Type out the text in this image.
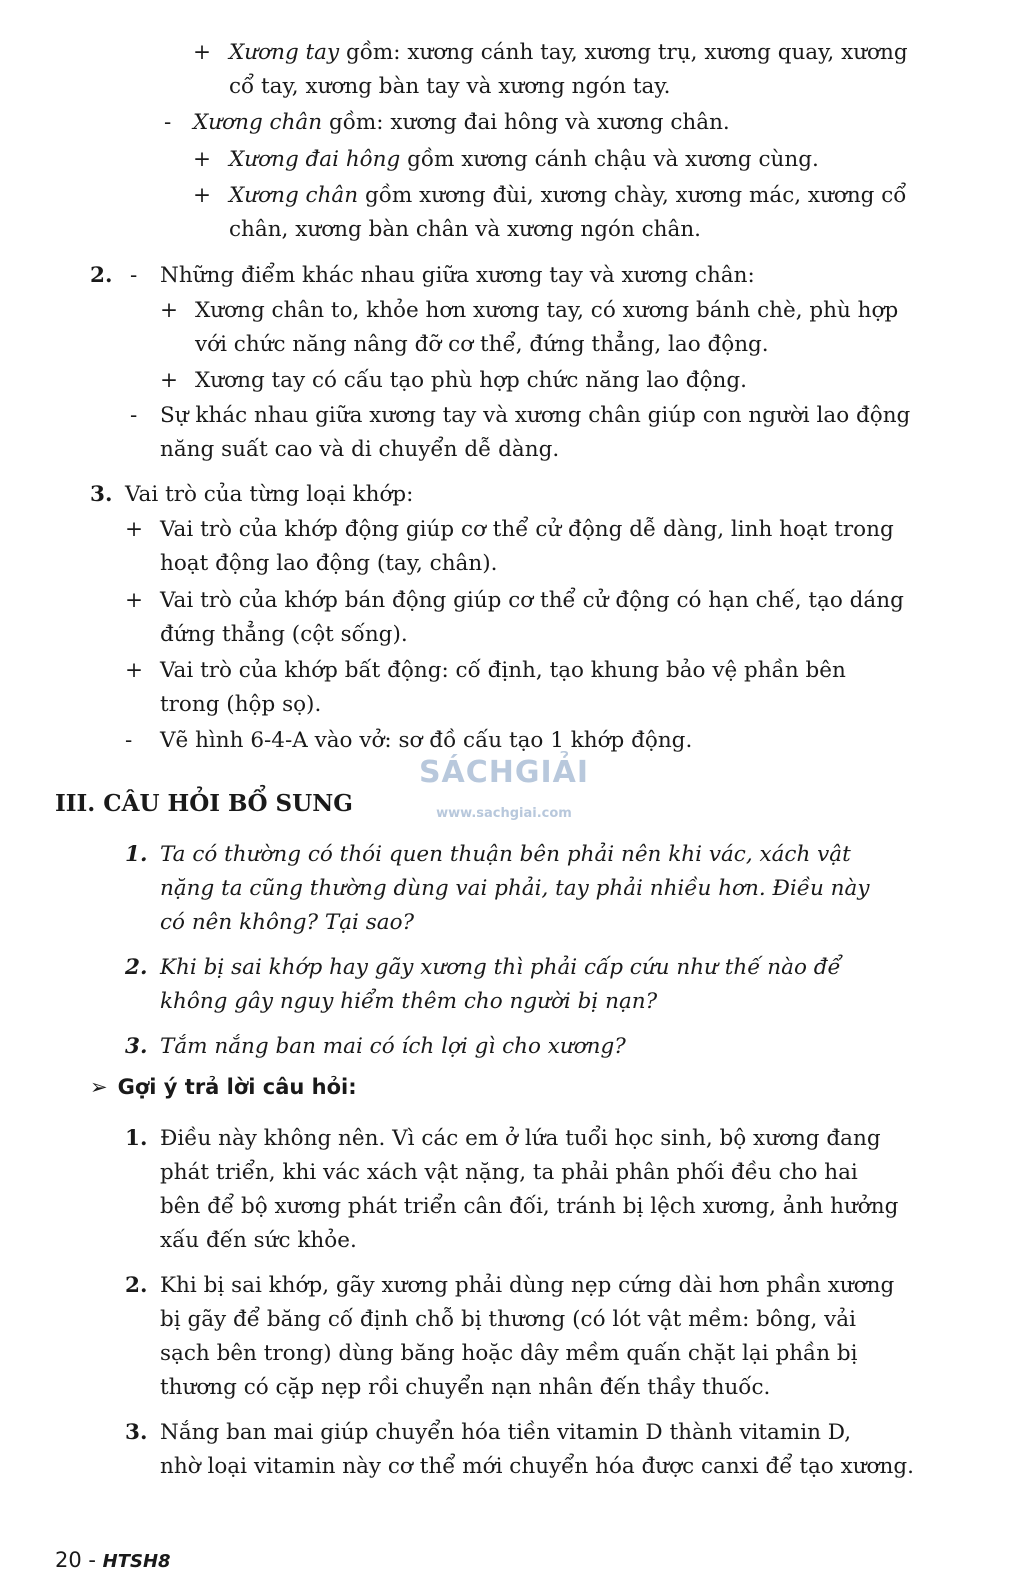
+ Xương tay gồm: xương cánh tay, xương trụ, xương quay, xương
cổ tay, xương bàn tay và xương ngón tay.
- Xương chân gồm: xương đai hông và xương chân.
+ Xương đai hông gồm xương cánh chậu và xương cùng.
+ Xương chân gồm xương đùi, xương chày, xương mác, xương cổ
chân, xương bàn chân và xương ngón chân.
2. - Những điểm khác nhau giữa xương tay và xương chân:
+ Xương chân to, khỏe hơn xương tay, có xương bánh chè, phù hợp
với chức năng nâng đỡ cơ thể, đứng thẳng, lao động.
+ Xương tay có cấu tạo phù hợp chức năng lao động.
- Sự khác nhau giữa xương tay và xương chân giúp con người lao động
năng suất cao và di chuyển dễ dàng.
3. Vai trò của từng loại khớp:
+ Vai trò của khớp động giúp cơ thể cử động dễ dàng, linh hoạt trong
hoạt động lao động (tay, chân).
+ Vai trò của khớp bán động giúp cơ thể cử động có hạn chế, tạo dáng
đứng thẳng (cột sống).
+ Vai trò của khớp bất động: cố định, tạo khung bảo vệ phần bên
trong (hộp sọ).
- Vẽ hình 6-4-A vào vở: sơ đồ cấu tạo 1 khớp động.
SÁCHGIẢI
www.sachgiai.com
III. CÂU HỎI BỔ SUNG
1. Ta có thường có thói quen thuận bên phải nên khi vác, xách vật
nặng ta cũng thường dùng vai phải, tay phải nhiều hơn. Điều này
có nên không? Tại sao?
2. Khi bị sai khớp hay gãy xương thì phải cấp cứu như thế nào để
không gây nguy hiểm thêm cho người bị nạn?
3. Tắm nắng ban mai có ích lợi gì cho xương?
➢ Gợi ý trả lời câu hỏi:
1. Điều này không nên. Vì các em ở lứa tuổi học sinh, bộ xương đang
phát triển, khi vác xách vật nặng, ta phải phân phối đều cho hai
bên để bộ xương phát triển cân đối, tránh bị lệch xương, ảnh hưởng
xấu đến sức khỏe.
2. Khi bị sai khớp, gãy xương phải dùng nẹp cứng dài hơn phần xương
bị gãy để băng cố định chỗ bị thương (có lót vật mềm: bông, vải
sạch bên trong) dùng băng hoặc dây mềm quấn chặt lại phần bị
thương có cặp nẹp rồi chuyển nạn nhân đến thầy thuốc.
3. Nắng ban mai giúp chuyển hóa tiền vitamin D thành vitamin D,
nhờ loại vitamin này cơ thể mới chuyển hóa được canxi để tạo xương.
20 - HTSH8
